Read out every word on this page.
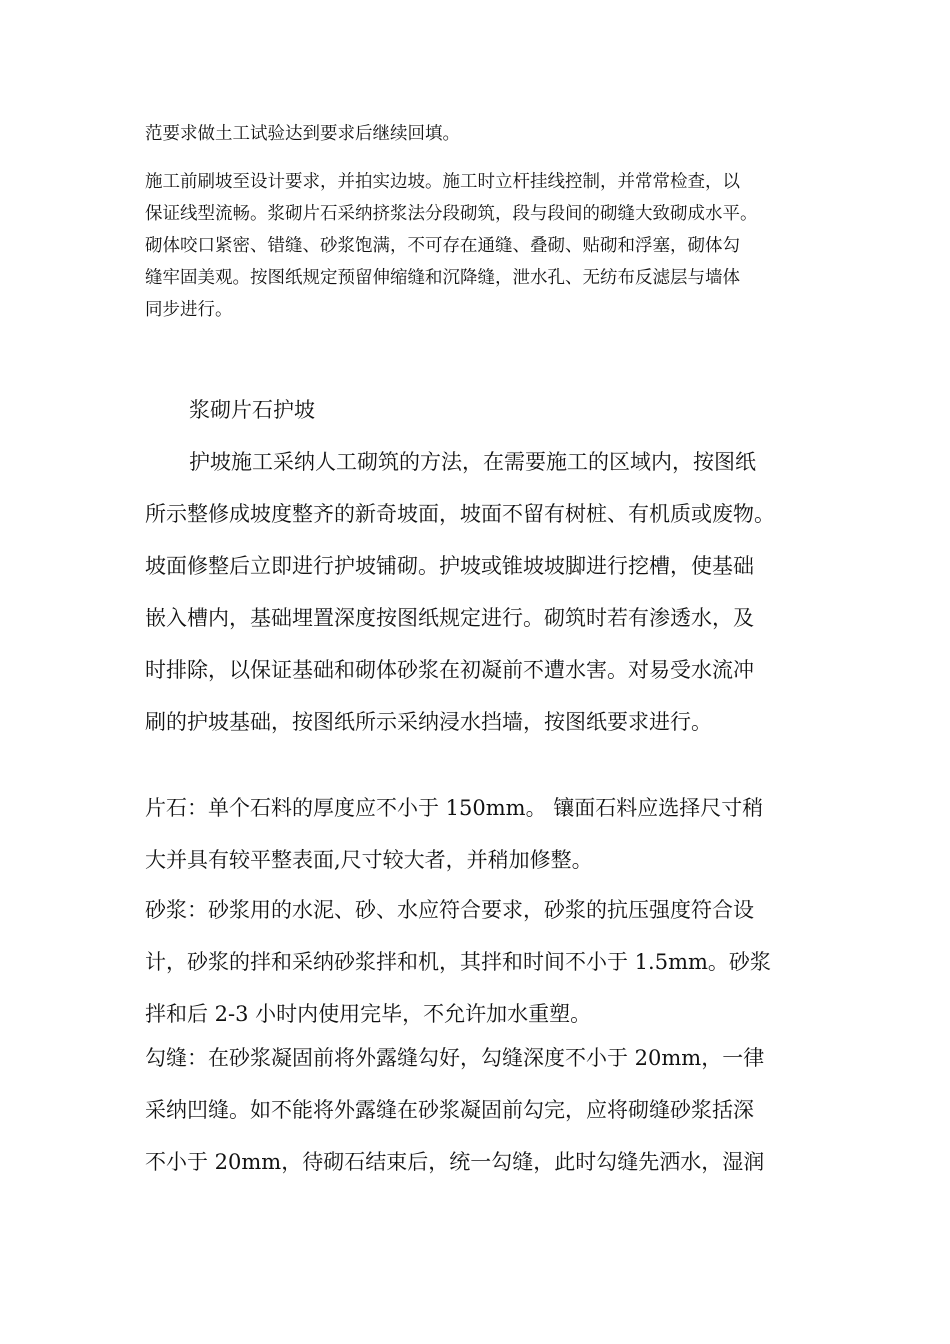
范要求做土工试验达到要求后继续回填。

施工前刷坡至设计要求，并拍实边坡。施工时立杆挂线控制，并常常检查，以
保证线型流畅。浆砌片石采纳挤浆法分段砌筑，段与段间的砌缝大致砌成水平。
砌体咬口紧密、错缝、砂浆饱满，不可存在通缝、叠砌、贴砌和浮塞，砌体勾
缝牢固美观。按图纸规定预留伸缩缝和沉降缝，泄水孔、无纺布反滤层与墙体
同步进行。

浆砌片石护坡

护坡施工采纳人工砌筑的方法，在需要施工的区域内，按图纸
所示整修成坡度整齐的新奇坡面，坡面不留有树桩、有机质或废物。
坡面修整后立即进行护坡铺砌。护坡或锥坡坡脚进行挖槽，使基础
嵌入槽内，基础埋置深度按图纸规定进行。砌筑时若有渗透水，及
时排除，以保证基础和砌体砂浆在初凝前不遭水害。对易受水流冲
刷的护坡基础，按图纸所示采纳浸水挡墙，按图纸要求进行。

片石：单个石料的厚度应不小于 150mm。 镶面石料应选择尺寸稍
大并具有较平整表面,尺寸较大者，并稍加修整。

砂浆：砂浆用的水泥、砂、水应符合要求，砂浆的抗压强度符合设
计，砂浆的拌和采纳砂浆拌和机，其拌和时间不小于 1.5mm。砂浆
拌和后 2-3 小时内使用完毕，不允许加水重塑。

勾缝：在砂浆凝固前将外露缝勾好，勾缝深度不小于 20mm，一律
采纳凹缝。如不能将外露缝在砂浆凝固前勾完，应将砌缝砂浆括深
不小于 20mm，待砌石结束后，统一勾缝，此时勾缝先洒水，湿润
